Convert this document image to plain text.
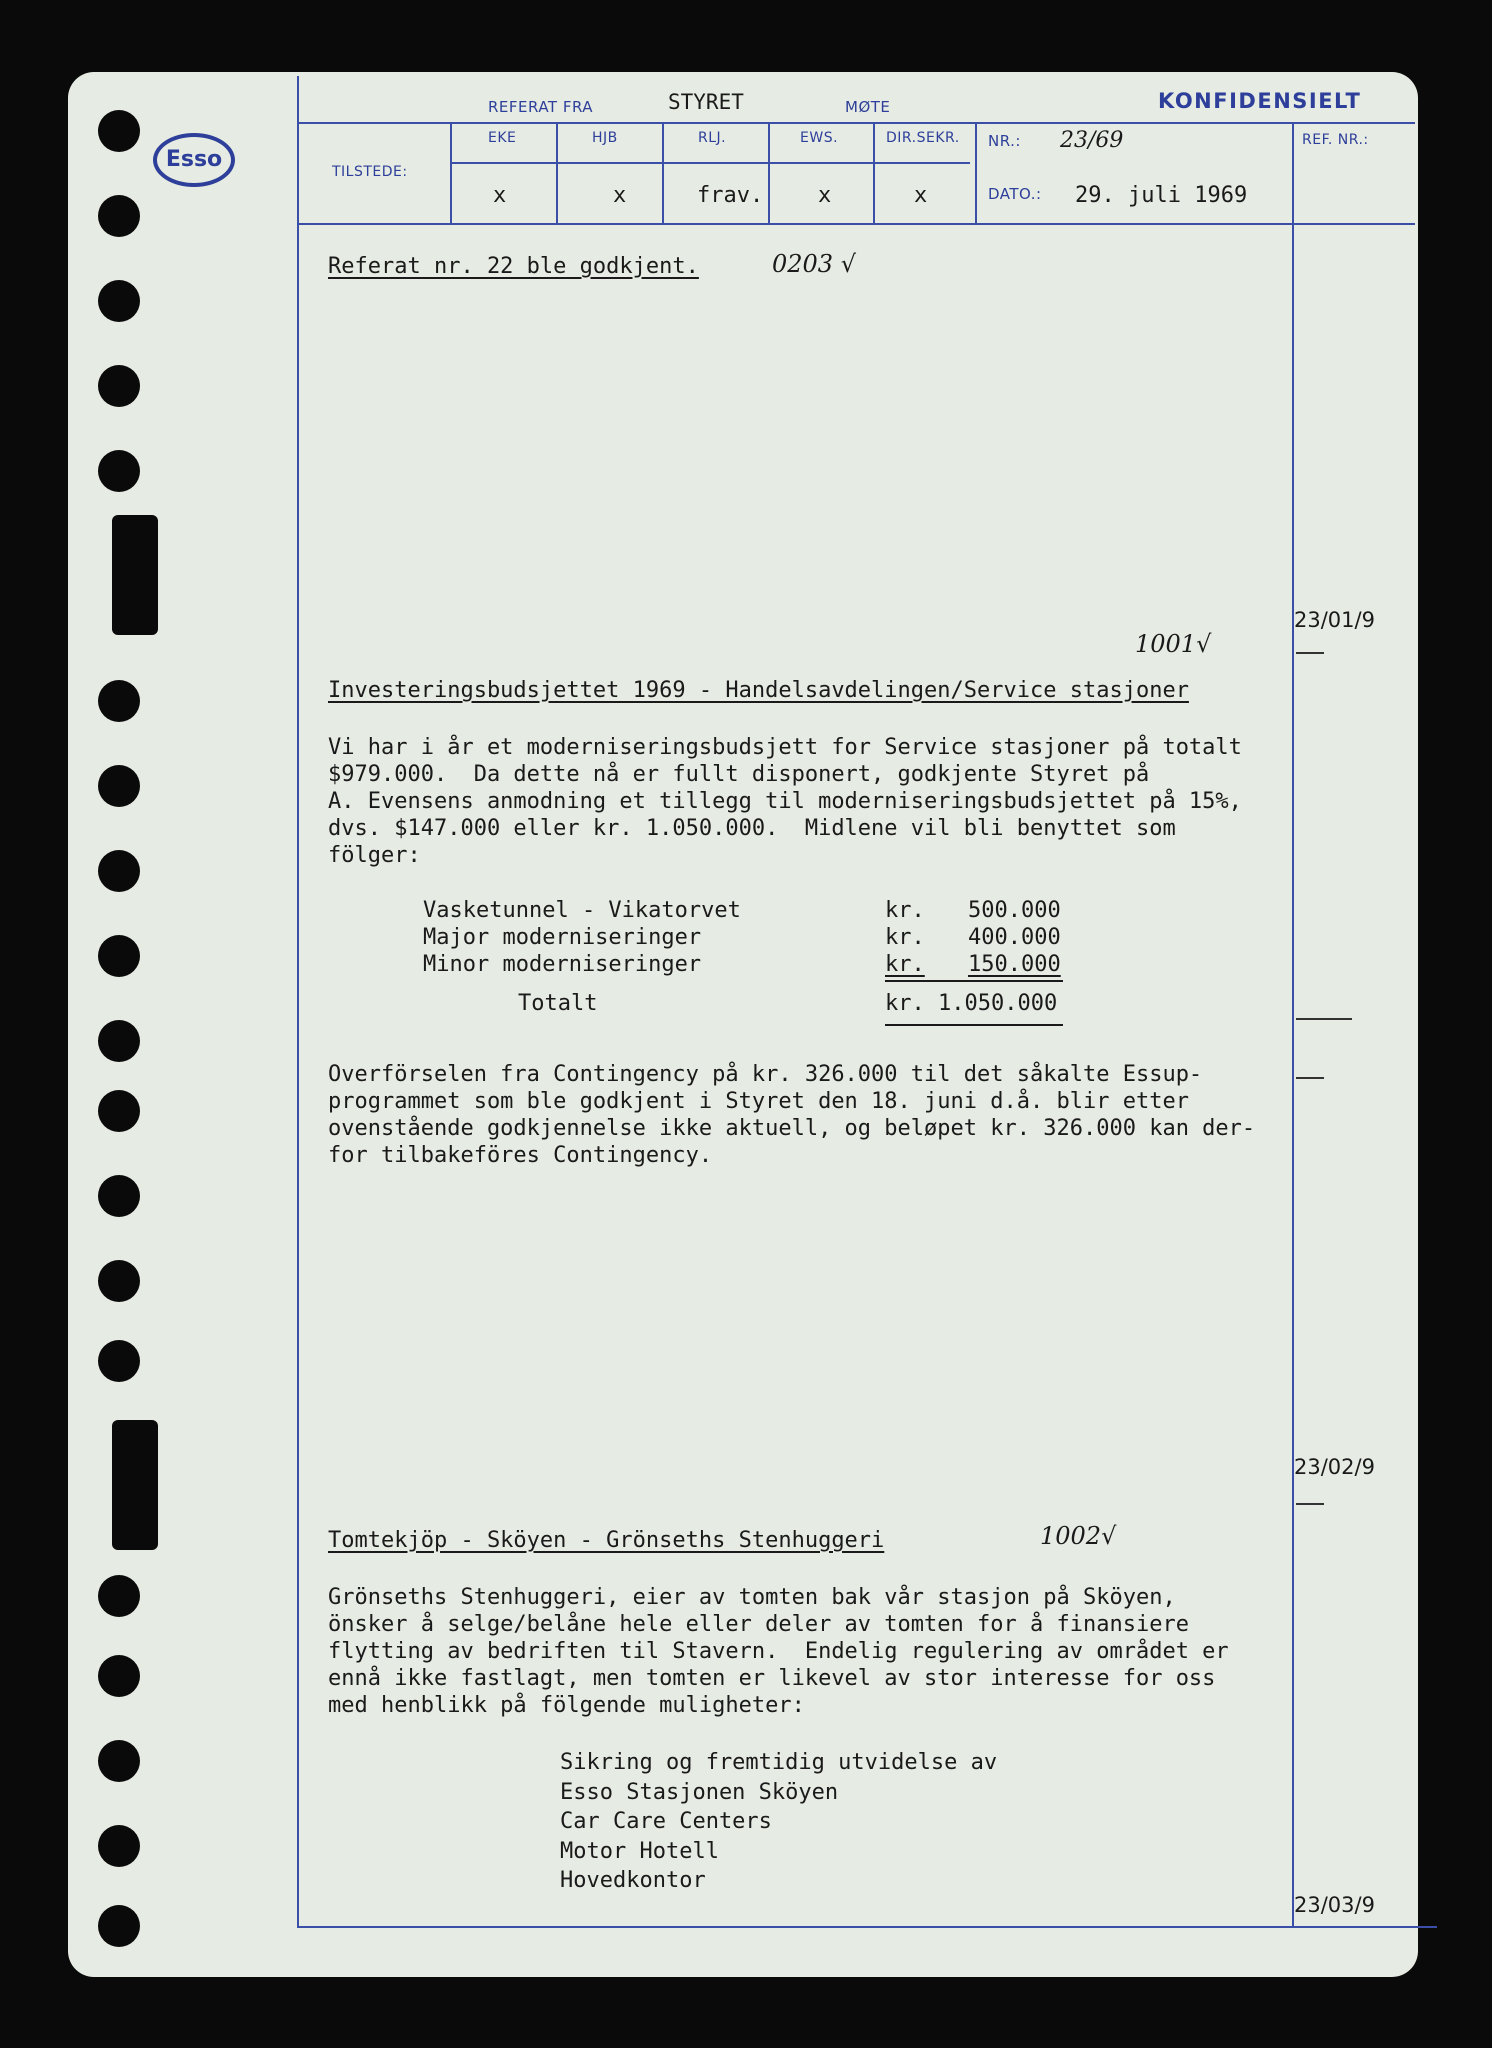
Esso
REFERAT FRA	STYRET	MØTE	KONFIDENSIELT
TILSTEDE:
EKE	HJB	RLJ.	EWS.	DIR.SEKR.
x	x	frav. x	x
NR.: 23/69
DATO.: 29. juli 1969
REF. NR.:
Referat nr. 22 ble godkjent.	0203 √
23/01/9
1001√
Investeringsbudsjettet 1969 - Handelsavdelingen/Service stasjoner
Vi har i år et moderniseringsbudsjett for Service stasjoner på totalt
$979.000.  Da dette nå er fullt disponert, godkjente Styret på
A. Evensens anmodning et tillegg til moderniseringsbudsjettet på 15%,
dvs. $147.000 eller kr. 1.050.000.  Midlene vil bli benyttet som
fölger:
Vasketunnel - Vikatorvet	kr. 500.000
Major moderniseringer	kr. 400.000
Minor moderniseringer	kr. 150.000
Totalt	kr. 1.050.000
Overförselen fra Contingency på kr. 326.000 til det såkalte Essup-
programmet som ble godkjent i Styret den 18. juni d.å. blir etter
ovenstående godkjennelse ikke aktuell, og beløpet kr. 326.000 kan der-
for tilbakeföres Contingency.
23/02/9
1002√
Tomtekjöp - Sköyen - Grönseths Stenhuggeri
Grönseths Stenhuggeri, eier av tomten bak vår stasjon på Sköyen,
önsker å selge/belåne hele eller deler av tomten for å finansiere
flytting av bedriften til Stavern.  Endelig regulering av området er
ennå ikke fastlagt, men tomten er likevel av stor interesse for oss
med henblikk på fölgende muligheter:
Sikring og fremtidig utvidelse av
Esso Stasjonen Sköyen
Car Care Centers
Motor Hotell
Hovedkontor
23/03/9
